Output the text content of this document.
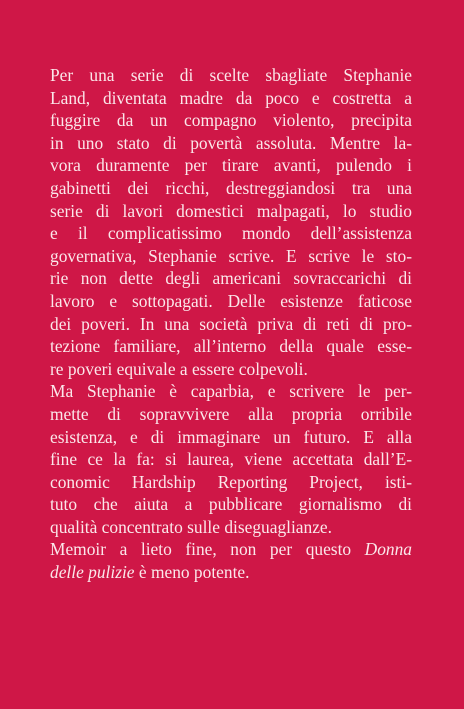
Per una serie di scelte sbagliate Stephanie
Land, diventata madre da poco e costretta a
fuggire da un compagno violento, precipita
in uno stato di povertà assoluta. Mentre la-
vora duramente per tirare avanti, pulendo i
gabinetti dei ricchi, destreggiandosi tra una
serie di lavori domestici malpagati, lo studio
e il complicatissimo mondo dell’assistenza
governativa, Stephanie scrive. E scrive le sto-
rie non dette degli americani sovraccarichi di
lavoro e sottopagati. Delle esistenze faticose
dei poveri. In una società priva di reti di pro-
tezione familiare, all’interno della quale esse-
re poveri equivale a essere colpevoli.
Ma Stephanie è caparbia, e scrivere le per-
mette di sopravvivere alla propria orribile
esistenza, e di immaginare un futuro. E alla
fine ce la fa: si laurea, viene accettata dall’E-
conomic Hardship Reporting Project, isti-
tuto che aiuta a pubblicare giornalismo di
qualità concentrato sulle diseguaglianze.
Memoir a lieto fine, non per questo Donna
delle pulizie è meno potente.
